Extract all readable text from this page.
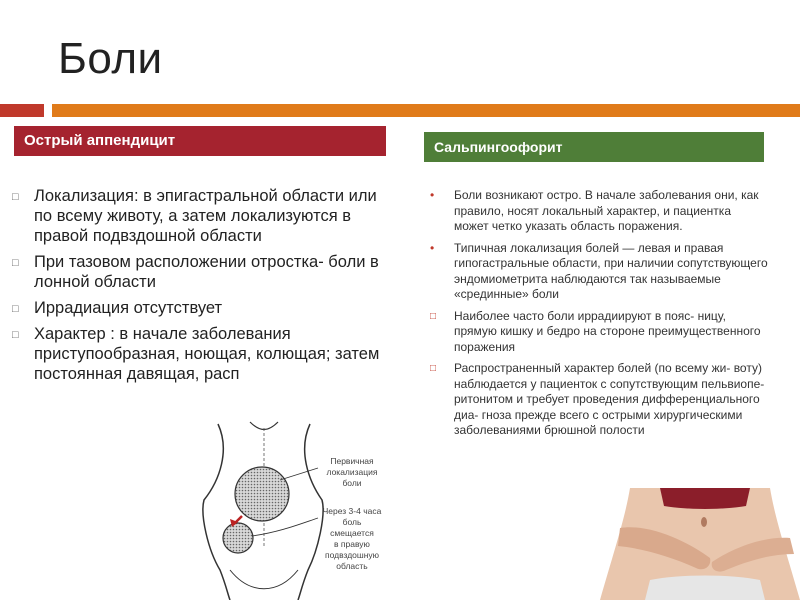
Боли
Острый аппендицит	Сальпингоофорит
□ Локализация: в эпигастральной области или по всему животу, а затем локализуются в правой подвздошной области
□ При тазовом расположении отростка- боли в лонной области
□ Иррадиация отсутствует
□ Характер : в начале заболевания приступообразная, ноющая, колющая; затем постоянная давящая, расп
• Боли возникают остро. В начале заболевания они, как правило, носят локальный характер, и пациентка может четко указать область поражения.
• Типичная локализация болей — левая и правая гипогастральные области, при наличии сопутствующего эндомиометрита наблюдаются так называемые «срединные» боли
□ Наиболее часто боли иррадиируют в пояс- ницу, прямую кишку и бедро на стороне преимущественного поражения
□ Распространенный характер болей (по всему жи- воту) наблюдается у пациенток с сопутствующим пельвиопе- ритонитом и требует проведения дифференциального диа- гноза прежде всего с острыми хирургическими заболеваниями брюшной полости
Первичная
локализация
боли
Через 3-4 часа
боль
смещается
в правую
подвздошную
область
